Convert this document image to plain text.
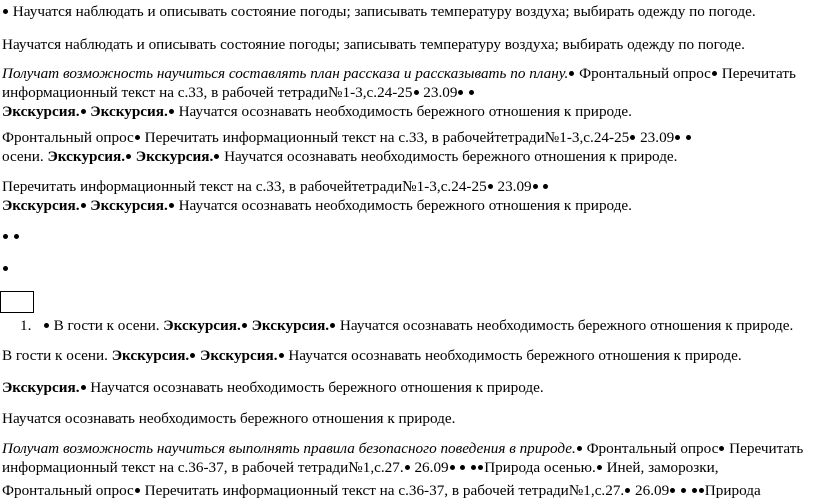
Научатся наблюдать и описывать состояние погоды; записывать температуру воздуха; выбирать одежду по погоде.

Научатся наблюдать и описывать состояние погоды; записывать температуру воздуха; выбирать одежду по погоде.

Получат возможность научиться составлять план рассказа и рассказывать по плану. Фронтальный опрос Перечитать
информационный текст на с.33, в рабочей тетради№1-3,с.24-25 23.09
Экскурсия. Экскурсия. Научатся осознавать необходимость бережного отношения к природе.

Фронтальный опрос Перечитать информационный текст на с.33, в рабочейтетради№1-3,с.24-25 23.09
осени. Экскурсия. Экскурсия. Научатся осознавать необходимость бережного отношения к природе.

Перечитать информационный текст на с.33, в рабочейтетради№1-3,с.24-25 23.09
Экскурсия. Экскурсия. Научатся осознавать необходимость бережного отношения к природе.

1. В гости к осени. Экскурсия. Экскурсия. Научатся осознавать необходимость бережного отношения к природе.

В гости к осени. Экскурсия. Экскурсия. Научатся осознавать необходимость бережного отношения к природе.

Экскурсия. Научатся осознавать необходимость бережного отношения к природе.

Научатся осознавать необходимость бережного отношения к природе.

Получат возможность научиться выполнять правила безопасного поведения в природе. Фронтальный опрос Перечитать
информационный текст на с.36-37, в рабочей тетради№1,с.27. 26.09 Природа осенью. Иней, заморозки,

Фронтальный опрос Перечитать информационный текст на с.36-37, в рабочей тетради№1,с.27. 26.09 Природа
